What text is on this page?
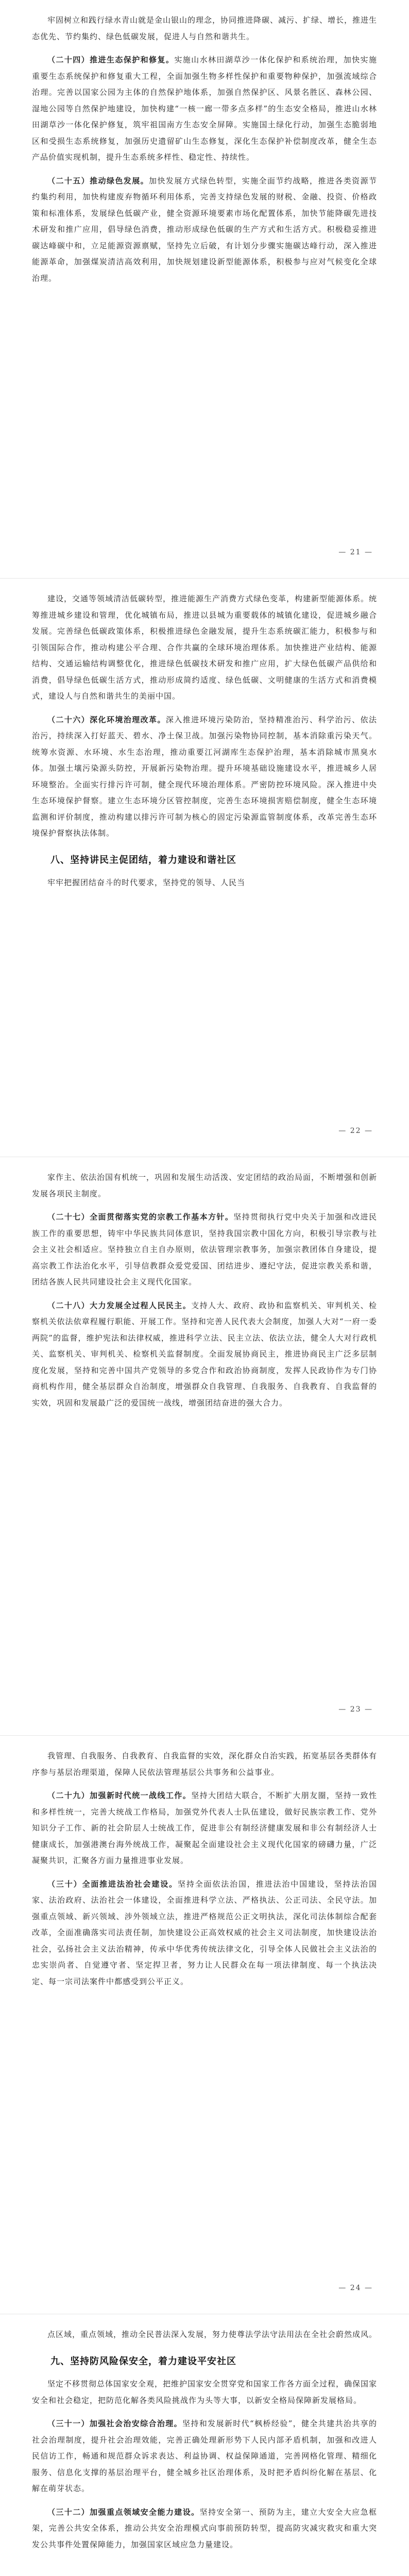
牢固树立和践行绿水青山就是金山银山的理念，协同推进降碳、减污、扩绿、增长，推进生态优先、节约集约、绿色低碳发展，促进人与自然和谐共生。

（二十四）推进生态保护和修复。实施山水林田湖草沙一体化保护和系统治理，加快实施重要生态系统保护和修复重大工程，全面加强生物多样性保护和重要物种保护，加强流域综合治理。完善以国家公园为主体的自然保护地体系，加强自然保护区、风景名胜区、森林公园、湿地公园等自然保护地建设，加快构建“一核一廊一带多点多样”的生态安全格局，推进山水林田湖草沙一体化保护修复，筑牢祖国南方生态安全屏障。实施国土绿化行动，加强生态脆弱地区和受损生态系统修复，加强历史遗留矿山生态修复，深化生态保护补偿制度改革，健全生态产品价值实现机制，提升生态系统多样性、稳定性、持续性。

（二十五）推动绿色发展。加快发展方式绿色转型，实施全面节约战略，推进各类资源节约集约利用，加快构建废弃物循环利用体系，完善支持绿色发展的财税、金融、投资、价格政策和标准体系，发展绿色低碳产业，健全资源环境要素市场化配置体系，加快节能降碳先进技术研发和推广应用，倡导绿色消费，推动形成绿色低碳的生产方式和生活方式。积极稳妥推进碳达峰碳中和，立足能源资源禀赋，坚持先立后破，有计划分步骤实施碳达峰行动，深入推进能源革命，加强煤炭清洁高效利用，加快规划建设新型能源体系，积极参与应对气候变化全球治理。

— 21 —

建设，交通等领域清洁低碳转型，推进能源生产消费方式绿色变革，构建新型能源体系。统筹推进城乡建设和管理，优化城镇布局，推进以县城为重要载体的城镇化建设，促进城乡融合发展。完善绿色低碳政策体系，积极推进绿色金融发展，提升生态系统碳汇能力，积极参与和引领国际合作，推动构建公平合理、合作共赢的全球环境治理体系。加快推进产业结构、能源结构、交通运输结构调整优化，推进绿色低碳技术研发和推广应用，扩大绿色低碳产品供给和消费，倡导绿色低碳生活方式，推动形成简约适度、绿色低碳、文明健康的生活方式和消费模式，建设人与自然和谐共生的美丽中国。

（二十六）深化环境治理改革。深入推进环境污染防治，坚持精准治污、科学治污、依法治污，持续深入打好蓝天、碧水、净土保卫战。加强污染物协同控制，基本消除重污染天气。统筹水资源、水环境、水生态治理，推动重要江河湖库生态保护治理，基本消除城市黑臭水体。加强土壤污染源头防控，开展新污染物治理。提升环境基础设施建设水平，推进城乡人居环境整治。全面实行排污许可制，健全现代环境治理体系。严密防控环境风险。深入推进中央生态环境保护督察。建立生态环境分区管控制度，完善生态环境损害赔偿制度，健全生态环境监测和评价制度，推动构建以排污许可制为核心的固定污染源监管制度体系，改革完善生态环境保护督察执法体制。

八、坚持讲民主促团结，着力建设和谐社区

牢牢把握团结奋斗的时代要求，坚持党的领导、人民当

— 22 —

家作主、依法治国有机统一，巩固和发展生动活泼、安定团结的政治局面，不断增强和创新发展各项民主制度。

（二十七）全面贯彻落实党的宗教工作基本方针。坚持贯彻执行党中央关于加强和改进民族工作的重要思想，铸牢中华民族共同体意识，坚持我国宗教中国化方向，积极引导宗教与社会主义社会相适应。坚持独立自主自办原则，依法管理宗教事务，加强宗教团体自身建设，提高宗教工作法治化水平，引导信教群众爱党爱国、团结进步、遵纪守法，促进宗教关系和谐，团结各族人民共同建设社会主义现代化国家。

（二十八）大力发展全过程人民民主。支持人大、政府、政协和监察机关、审判机关、检察机关依法依章程履行职能、开展工作。坚持和完善人民代表大会制度，加强人大对“一府一委两院”的监督，维护宪法和法律权威，推进科学立法、民主立法、依法立法，健全人大对行政机关、监察机关、审判机关、检察机关监督制度。全面发展协商民主，推进协商民主广泛多层制度化发展，坚持和完善中国共产党领导的多党合作和政治协商制度，发挥人民政协作为专门协商机构作用，健全基层群众自治制度，增强群众自我管理、自我服务、自我教育、自我监督的实效，巩固和发展最广泛的爱国统一战线，增强团结奋进的强大合力。

— 23 —

我管理、自我服务、自我教育、自我监督的实效，深化群众自治实践，拓宽基层各类群体有序参与基层治理渠道，保障人民依法管理基层公共事务和公益事业。

（二十九）加强新时代统一战线工作。坚持大团结大联合，不断扩大朋友圈，坚持一致性和多样性统一，完善大统战工作格局，加强党外代表人士队伍建设，做好民族宗教工作、党外知识分子工作、新的社会阶层人士统战工作，促进非公有制经济健康发展和非公有制经济人士健康成长，加强港澳台海外统战工作，凝聚起全面建设社会主义现代化国家的磅礴力量，广泛凝聚共识，汇聚各方面力量推进事业发展。

（三十）全面推进法治社会建设。坚持全面依法治国，推进法治中国建设，坚持法治国家、法治政府、法治社会一体建设，全面推进科学立法、严格执法、公正司法、全民守法。加强重点领域、新兴领域、涉外领域立法，推进严格规范公正文明执法，深化司法体制综合配套改革，全面准确落实司法责任制，加快建设公正高效权威的社会主义司法制度，加快建设法治社会，弘扬社会主义法治精神，传承中华优秀传统法律文化，引导全体人民做社会主义法治的忠实崇尚者、自觉遵守者、坚定捍卫者，努力让人民群众在每一项法律制度、每一个执法决定、每一宗司法案件中都感受到公平正义。

— 24 —

点区域，重点领域，推动全民普法深入发展，努力使尊法学法守法用法在全社会蔚然成风。

九、坚持防风险保安全，着力建设平安社区

坚定不移贯彻总体国家安全观，把维护国家安全贯穿党和国家工作各方面全过程，确保国家安全和社会稳定，把防范化解各类风险挑战作为头等大事，以新安全格局保障新发展格局。

（三十一）加强社会治安综合治理。坚持和发展新时代“枫桥经验”，健全共建共治共享的社会治理制度，提升社会治理效能，完善正确处理新形势下人民内部矛盾机制，加强和改进人民信访工作，畅通和规范群众诉求表达、利益协调、权益保障通道，完善网格化管理、精细化服务、信息化支撑的基层治理平台，健全城乡社区治理体系，及时把矛盾纠纷化解在基层、化解在萌芽状态。

（三十二）加强重点领域安全能力建设。坚持安全第一、预防为主，建立大安全大应急框架，完善公共安全体系，推动公共安全治理模式向事前预防转型，提高防灾减灾救灾和重大突发公共事件处置保障能力，加强国家区域应急力量建设。
